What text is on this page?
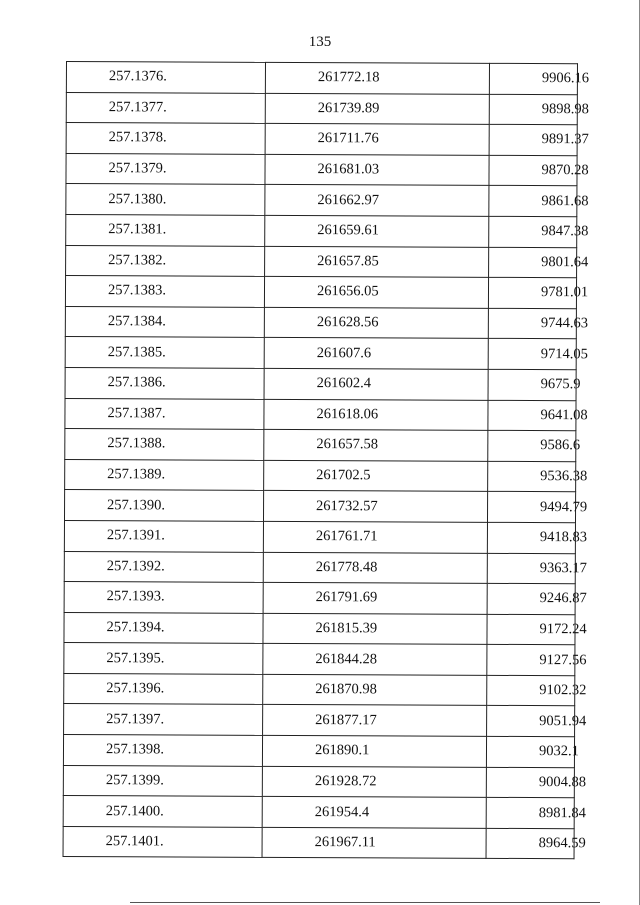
135
257.1376.	261772.18	9906.16
257.1377.	261739.89	9898.98
257.1378.	261711.76	9891.37
257.1379.	261681.03	9870.28
257.1380.	261662.97	9861.68
257.1381.	261659.61	9847.38
257.1382.	261657.85	9801.64
257.1383.	261656.05	9781.01
257.1384.	261628.56	9744.63
257.1385.	261607.6	9714.05
257.1386.	261602.4	9675.9
257.1387.	261618.06	9641.08
257.1388.	261657.58	9586.6
257.1389.	261702.5	9536.38
257.1390.	261732.57	9494.79
257.1391.	261761.71	9418.83
257.1392.	261778.48	9363.17
257.1393.	261791.69	9246.87
257.1394.	261815.39	9172.24
257.1395.	261844.28	9127.56
257.1396.	261870.98	9102.32
257.1397.	261877.17	9051.94
257.1398.	261890.1	9032.1
257.1399.	261928.72	9004.88
257.1400.	261954.4	8981.84
257.1401.	261967.11	8964.59
